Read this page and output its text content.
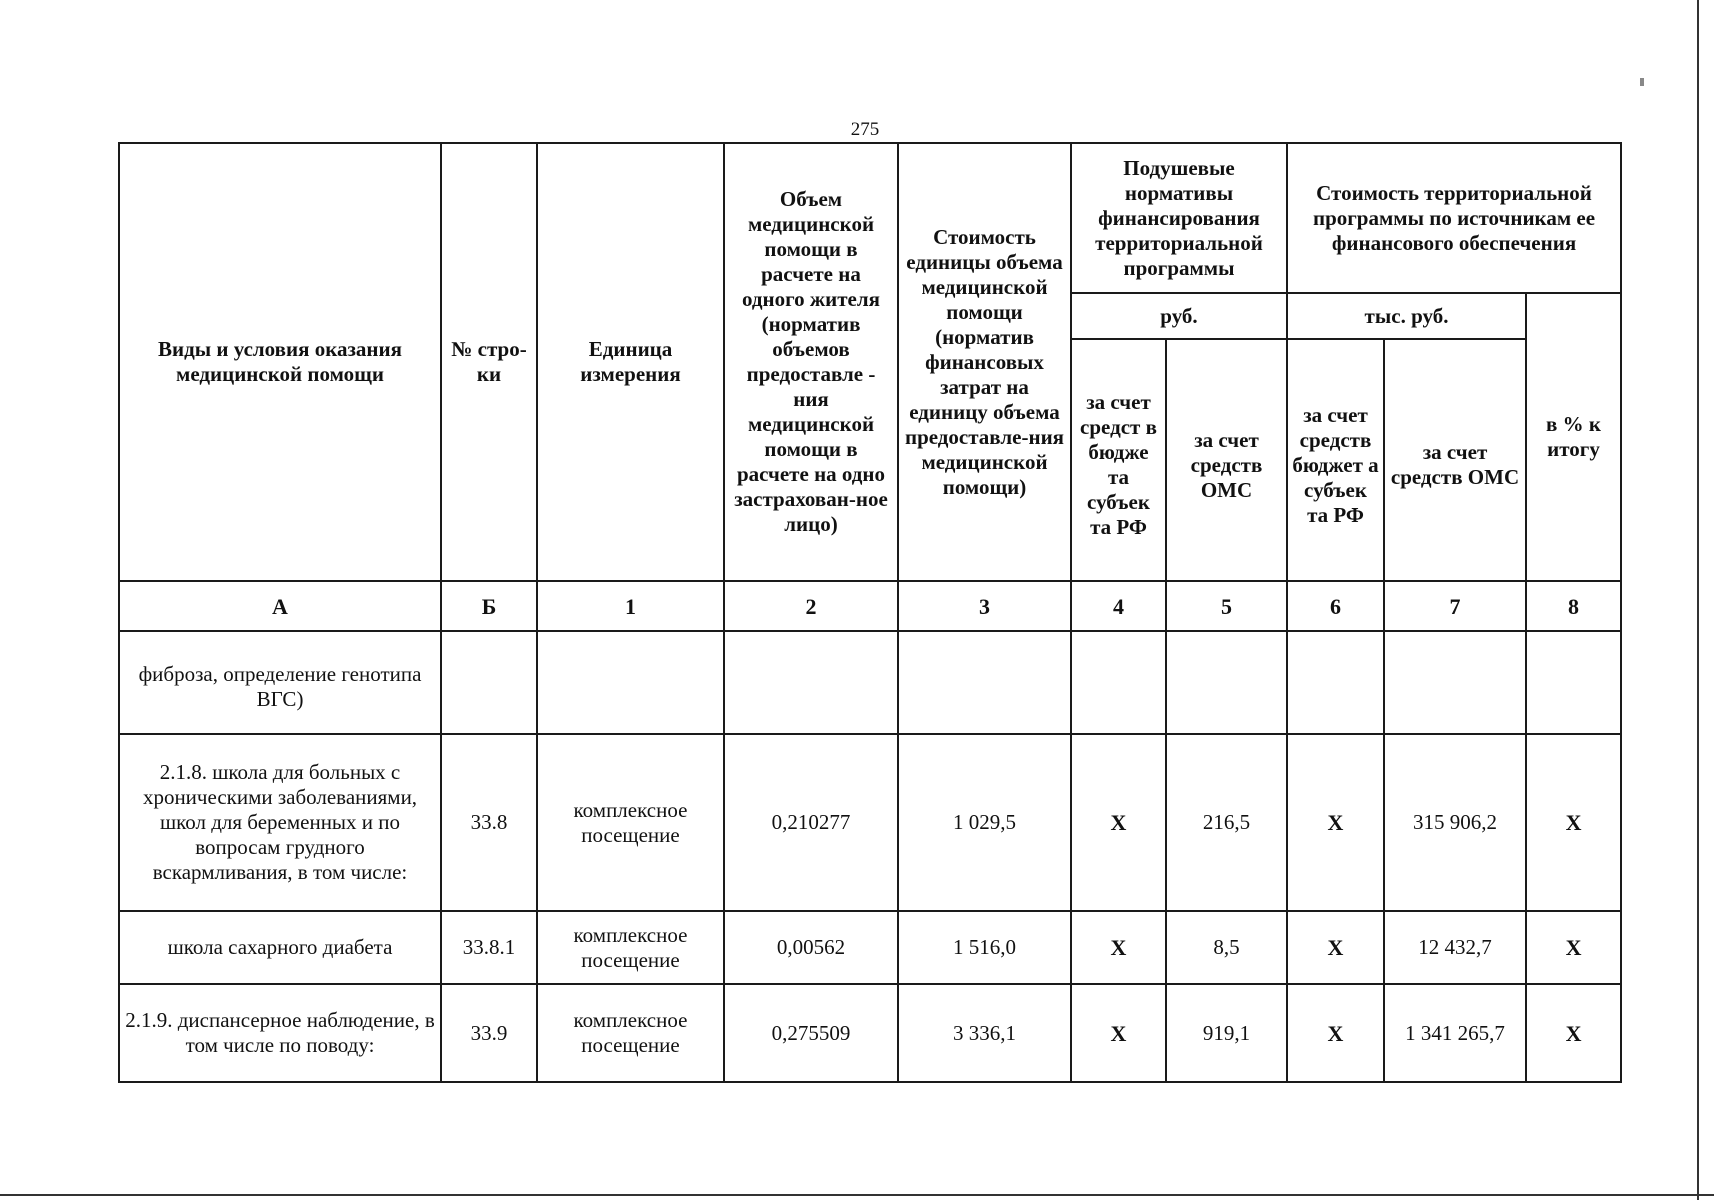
275
Виды и условия оказания медицинской помощи	№ стро-ки	Единица измерения	Объем медицинской помощи в расчете на одного жителя (норматив объемов предоставле - ния медицинской помощи в расчете на одно застрахован-ное лицо)	Стоимость единицы объема медицинской помощи (норматив финансовых затрат на единицу объема предоставле-ния медицинской помощи)	Подушевые нормативы финансирования территориальной программы		Стоимость территориальной программы по источникам ее финансового обеспечения		
					руб.		тыс. руб.		в % к итогу
					за счет средст в бюдже та субъек та РФ	за счет средств ОМС	за счет средств бюджет а субъек та РФ	за счет средств ОМС	

А	Б	1	2	3	4	5	6	7	8
фиброза, определение генотипа ВГС)									
2.1.8. школа для больных с хроническими заболеваниями, школ для беременных и по вопросам грудного вскармливания, в том числе:	33.8	комплексное посещение	0,210277	1 029,5	Х	216,5	Х	315 906,2	Х
школа сахарного диабета	33.8.1	комплексное посещение	0,00562	1 516,0	Х	8,5	Х	12 432,7	Х
2.1.9. диспансерное наблюдение, в том числе по поводу:	33.9	комплексное посещение	0,275509	3 336,1	Х	919,1	Х	1 341 265,7	Х
